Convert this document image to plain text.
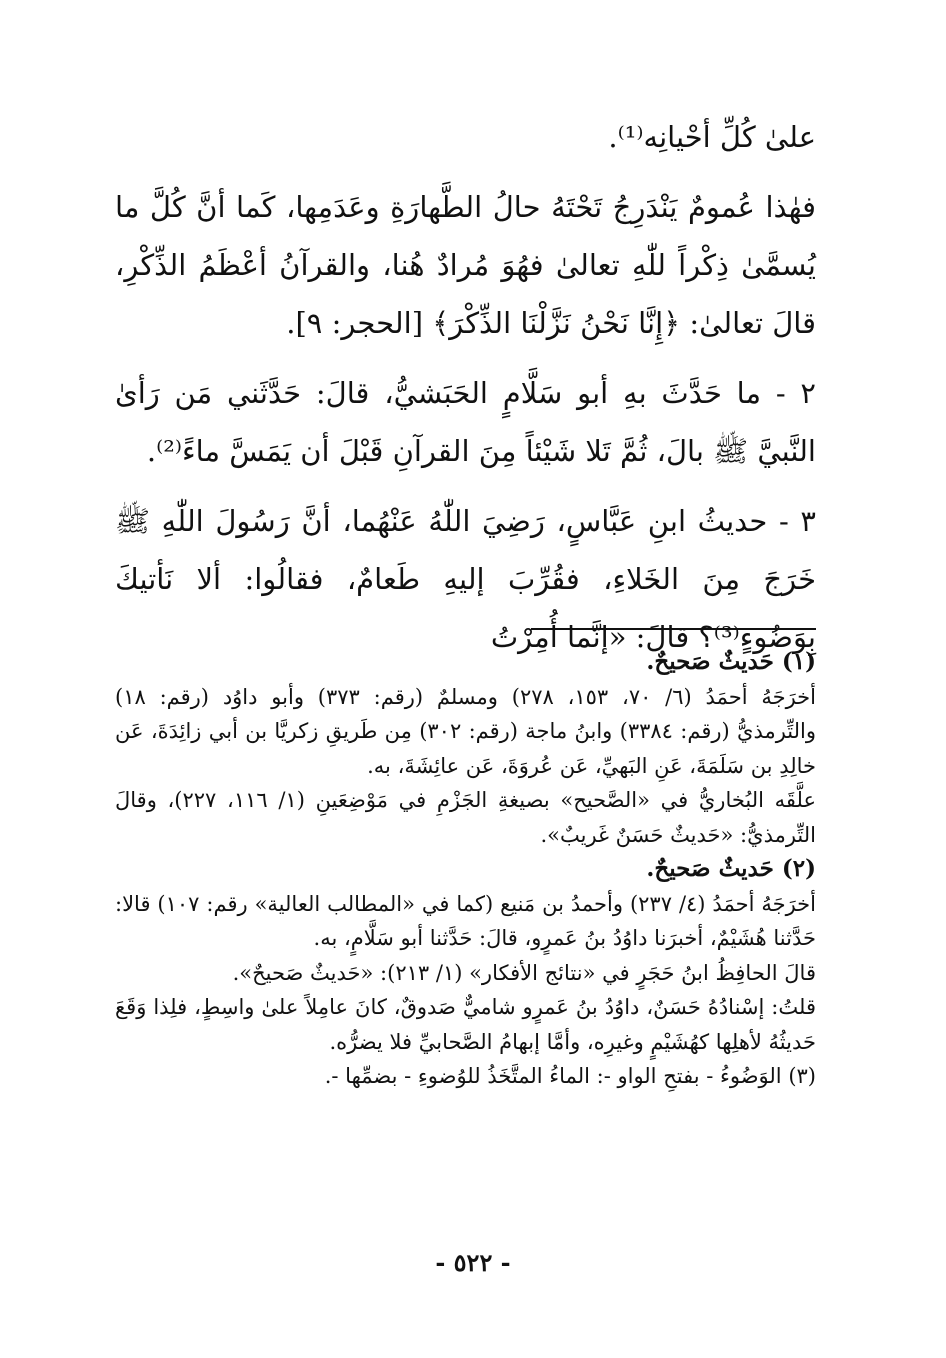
علىٰ كُلِّ أحْيانِه⁽¹⁾.

فهٰذا عُمومٌ يَنْدَرِجُ تَحْتَهُ حالُ الطَّهارَةِ وعَدَمِها، كَما أنَّ كُلَّ ما يُسمَّىٰ ذِكْراً للّٰهِ تعالىٰ فهُوَ مُرادٌ هُنا، والقرآنُ أعْظَمُ الذِّكْرِ، قالَ تعالىٰ: ﴿إِنَّا نَحْنُ نَزَّلْنَا الذِّكْرَ﴾ [الحجر: ٩].

٢ - ما حَدَّثَ بهِ أبو سَلَّامٍ الحَبَشيُّ، قالَ: حَدَّثَني مَن رَأىٰ النَّبيَّ ﷺ بالَ، ثُمَّ تَلا شَيْئاً مِنَ القرآنِ قَبْلَ أن يَمَسَّ ماءً⁽²⁾.

٣ - حديثُ ابنِ عَبَّاسٍ، رَضِيَ اللّٰهُ عَنْهُما، أنَّ رَسُولَ اللّٰهِ ﷺ خَرَجَ مِنَ الخَلاءِ، فقُرِّبَ إليهِ طَعامٌ، فقالُوا: ألا نَأتيكَ بِوَضُوءٍ⁽³⁾؟ قالَ: «إنَّما أُمِرْتُ

(١) حَديثٌ صَحيحٌ.

أخرَجَهُ أحمَدُ (٦/ ٧٠، ١٥٣، ٢٧٨) ومسلمٌ (رقم: ٣٧٣) وأبو داوُد (رقم: ١٨) والتِّرمذيُّ (رقم: ٣٣٨٤) وابنُ ماجة (رقم: ٣٠٢) مِن طَريقِ زكريَّا بن أبي زائِدَةَ، عَن خالِدِ بن سَلَمَةَ، عَنِ البَهيِّ، عَن عُروَةَ، عَن عائِشَةَ، به.

علَّقَه البُخاريُّ في «الصَّحيح» بصيغةِ الجَزْمِ في مَوْضِعَينِ (١/ ١١٦، ٢٢٧)، وقالَ التِّرمذيُّ: «حَديثٌ حَسَنٌ غَريبٌ».

(٢) حَديثٌ صَحيحٌ.

أخرَجَهُ أحمَدُ (٤/ ٢٣٧) وأحمدُ بن مَنيع (كما في «المطالب العالية» رقم: ١٠٧) قالا: حَدَّثنا هُشَيْمٌ، أخبرَنا داوُدُ بنُ عَمرٍو، قالَ: حَدَّثنا أبو سَلَّامٍ، به.

قالَ الحافِظُ ابنُ حَجَرٍ في «نتائج الأفكار» (١/ ٢١٣): «حَديثٌ صَحيحٌ».

قلتُ: إسْنادُهُ حَسَنٌ، داوُدُ بنُ عَمرٍو شاميٌّ صَدوقٌ، كانَ عامِلاً علىٰ واسِطٍ، فلِذا وَقَعَ حَديثُهُ لأهلِها كهُشَيْمٍ وغيرِه، وأمَّا إبهامُ الصَّحابيِّ فلا يضرُّه.

(٣) الوَضُوءُ - بفتحِ الواو -: الماءُ المتَّخَذُ للوُضوءِ - بضمِّها -.

- ٥٢٢ -
